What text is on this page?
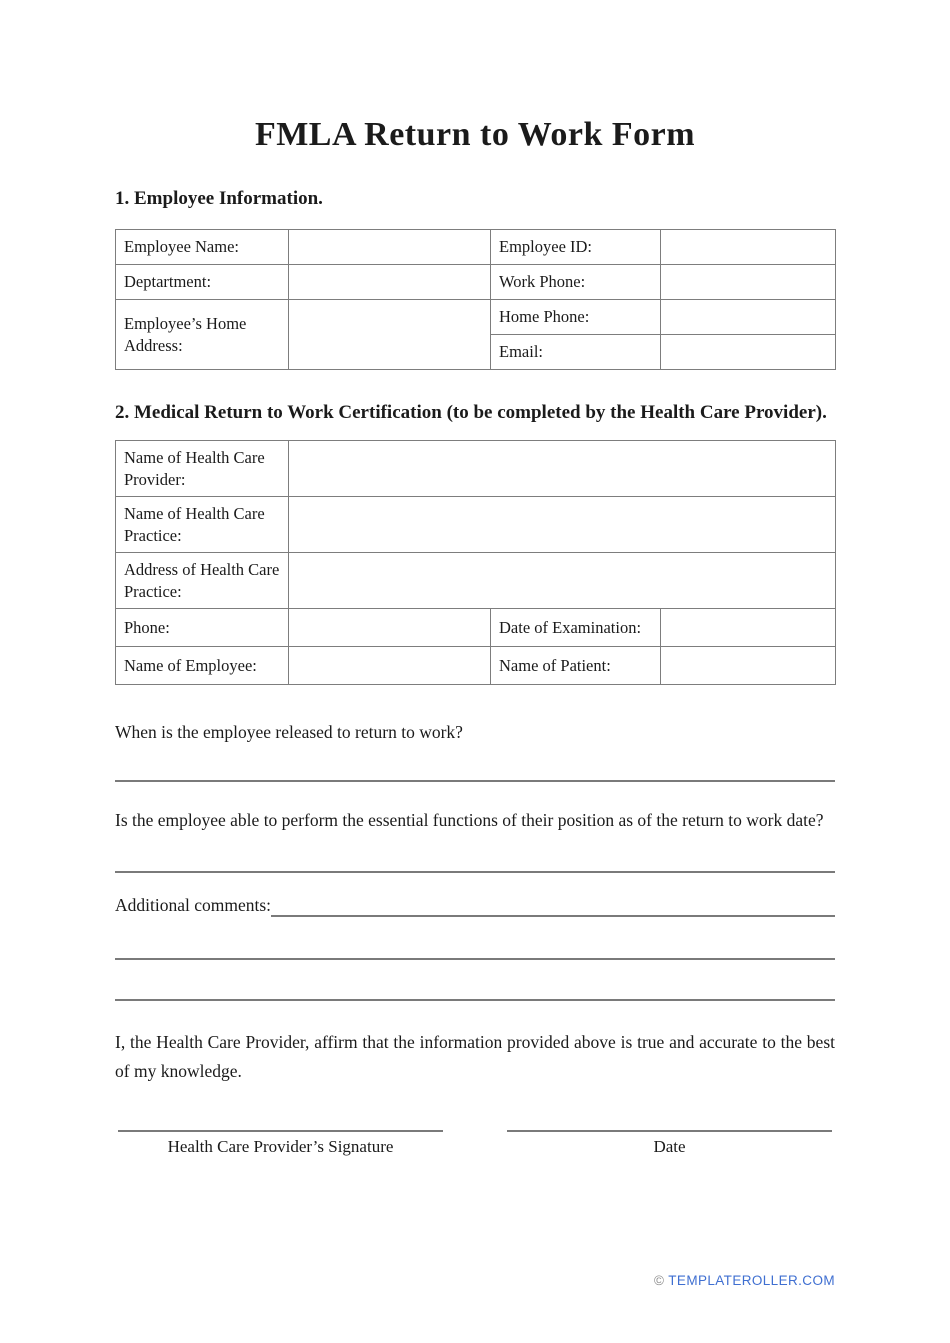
FMLA Return to Work Form
1. Employee Information.
Employee Name:		Employee ID:	
Deptartment:		Work Phone:	
Employee’s Home Address:		Home Phone:	
		Email:	
2. Medical Return to Work Certification (to be completed by the Health Care Provider).
Name of Health Care Provider:			
Name of Health Care Practice:			
Address of Health Care Practice:			
Phone:		Date of Examination:	
Name of Employee:		Name of Patient:	
When is the employee released to return to work?
Is the employee able to perform the essential functions of their position as of the return to work date?
Additional comments:
I, the Health Care Provider, affirm that the information provided above is true and accurate to the best of my knowledge.
Health Care Provider’s Signature	Date
© TEMPLATEROLLER.COM
